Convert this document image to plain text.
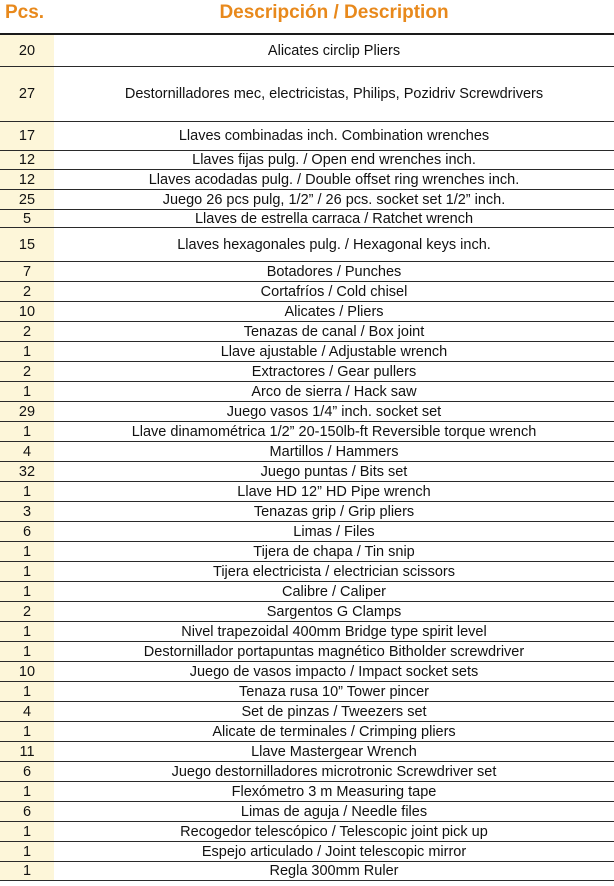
Pcs.	Descripción / Description
20	Alicates circlip Pliers
27	Destornilladores mec, electricistas, Philips, Pozidriv Screwdrivers
17	Llaves combinadas inch. Combination wrenches
12	Llaves fijas pulg. / Open end wrenches inch.
12	Llaves acodadas pulg. / Double offset ring wrenches inch.
25	Juego 26 pcs pulg, 1/2” / 26 pcs. socket set 1/2” inch.
5	Llaves de estrella carraca / Ratchet wrench
15	Llaves hexagonales pulg. / Hexagonal keys inch.
7	Botadores / Punches
2	Cortafríos / Cold chisel
10	Alicates / Pliers
2	Tenazas de canal / Box joint
1	Llave ajustable / Adjustable wrench
2	Extractores / Gear pullers
1	Arco de sierra / Hack saw
29	Juego vasos 1/4” inch. socket set
1	Llave dinamométrica 1/2” 20-150lb-ft Reversible torque wrench
4	Martillos / Hammers
32	Juego puntas / Bits set
1	Llave HD 12” HD Pipe wrench
3	Tenazas grip / Grip pliers
6	Limas / Files
1	Tijera de chapa / Tin snip
1	Tijera electricista / electrician scissors
1	Calibre / Caliper
2	Sargentos G Clamps
1	Nivel trapezoidal 400mm Bridge type spirit level
1	Destornillador portapuntas magnético Bitholder screwdriver
10	Juego de vasos impacto / Impact socket sets
1	Tenaza rusa 10” Tower pincer
4	Set de pinzas / Tweezers set
1	Alicate de terminales / Crimping pliers
11	Llave Mastergear Wrench
6	Juego destornilladores microtronic Screwdriver set
1	Flexómetro 3 m Measuring tape
6	Limas de aguja / Needle files
1	Recogedor telescópico / Telescopic joint pick up
1	Espejo articulado / Joint telescopic mirror
1	Regla 300mm Ruler
